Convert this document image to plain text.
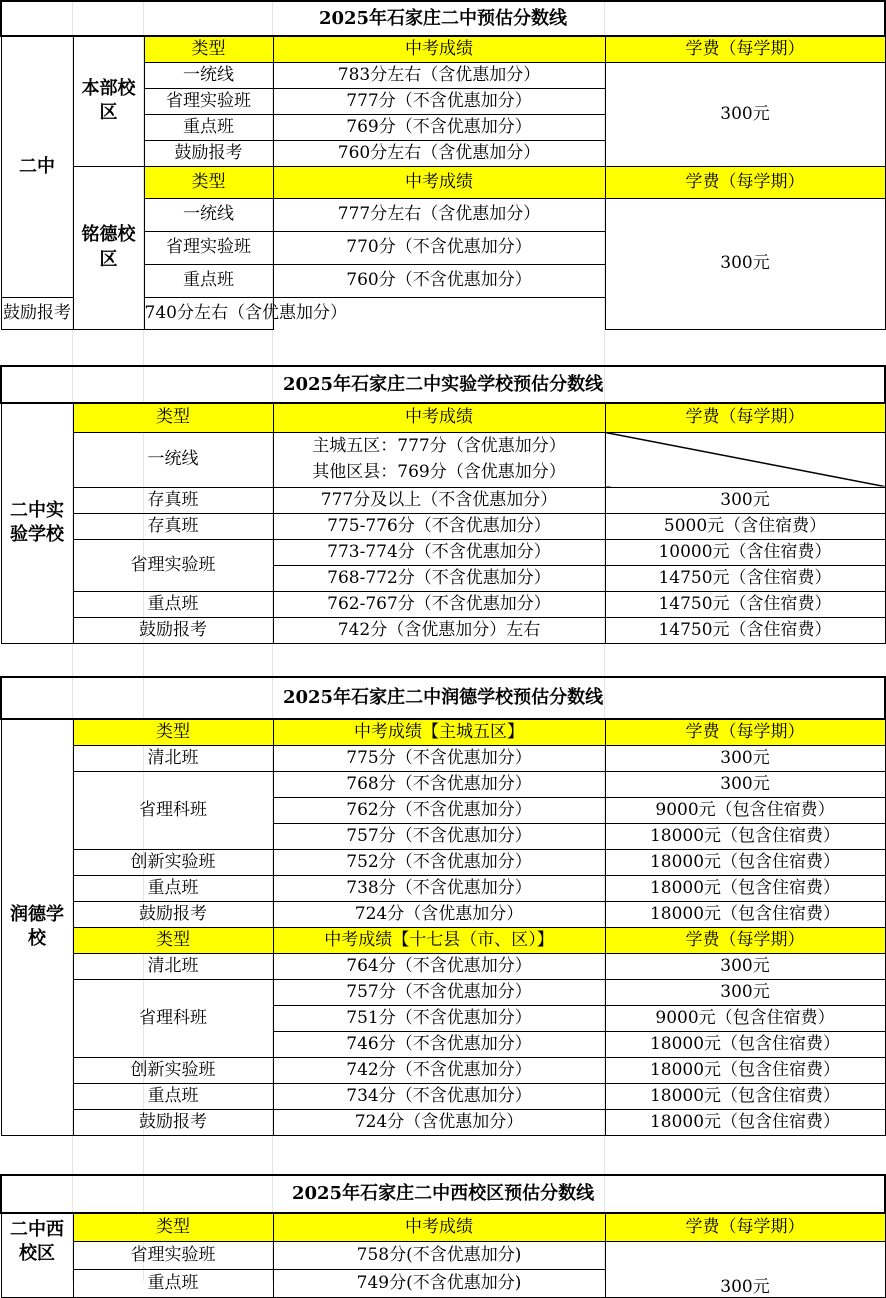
2025年石家庄二中预估分数线				
二中	本部校区	类型	中考成绩	学费（每学期）
		一统线	783分左右（含优惠加分）	300元
		省理实验班	777分（不含优惠加分）	
		重点班	769分（不含优惠加分）	
		鼓励报考	760分左右（含优惠加分）	
	铭德校区	类型	中考成绩	学费（每学期）
		一统线	777分左右（含优惠加分）	300元
		省理实验班	770分（不含优惠加分）	
		重点班	760分（不含优惠加分）	
鼓励报考		740分左右（含优惠加分）		
2025年石家庄二中实验学校预估分数线			
二中实验学校	类型	中考成绩	学费（每学期）
	一统线	主城五区：777分（含优惠加分）
其他区县：769分（含优惠加分）	

	存真班	777分及以上（不含优惠加分）	300元
	存真班	775-776分（不含优惠加分）	5000元（含住宿费）
	省理实验班	773-774分（不含优惠加分）	10000元（含住宿费）
		768-772分（不含优惠加分）	14750元（含住宿费）
	重点班	762-767分（不含优惠加分）	14750元（含住宿费）
	鼓励报考	742分（含优惠加分）左右	14750元（含住宿费）
2025年石家庄二中润德学校预估分数线			
润德学校	类型	中考成绩【主城五区】	学费（每学期）
	清北班	775分（不含优惠加分）	300元
	省理科班	768分（不含优惠加分）	300元
		762分（不含优惠加分）	9000元（包含住宿费）
		757分（不含优惠加分）	18000元（包含住宿费）
	创新实验班	752分（不含优惠加分）	18000元（包含住宿费）
	重点班	738分（不含优惠加分）	18000元（包含住宿费）
	鼓励报考	724分（含优惠加分）	18000元（包含住宿费）
	类型	中考成绩【十七县（市、区）】	学费（每学期）
	清北班	764分（不含优惠加分）	300元
	省理科班	757分（不含优惠加分）	300元
		751分（不含优惠加分）	9000元（包含住宿费）
		746分（不含优惠加分）	18000元（包含住宿费）
	创新实验班	742分（不含优惠加分）	18000元（包含住宿费）
	重点班	734分（不含优惠加分）	18000元（包含住宿费）
	鼓励报考	724分（含优惠加分）	18000元（包含住宿费）
2025年石家庄二中西校区预估分数线			
二中西校区	类型	中考成绩	学费（每学期）
	省理实验班	758分(不含优惠加分)	300元
	重点班	749分(不含优惠加分)	
